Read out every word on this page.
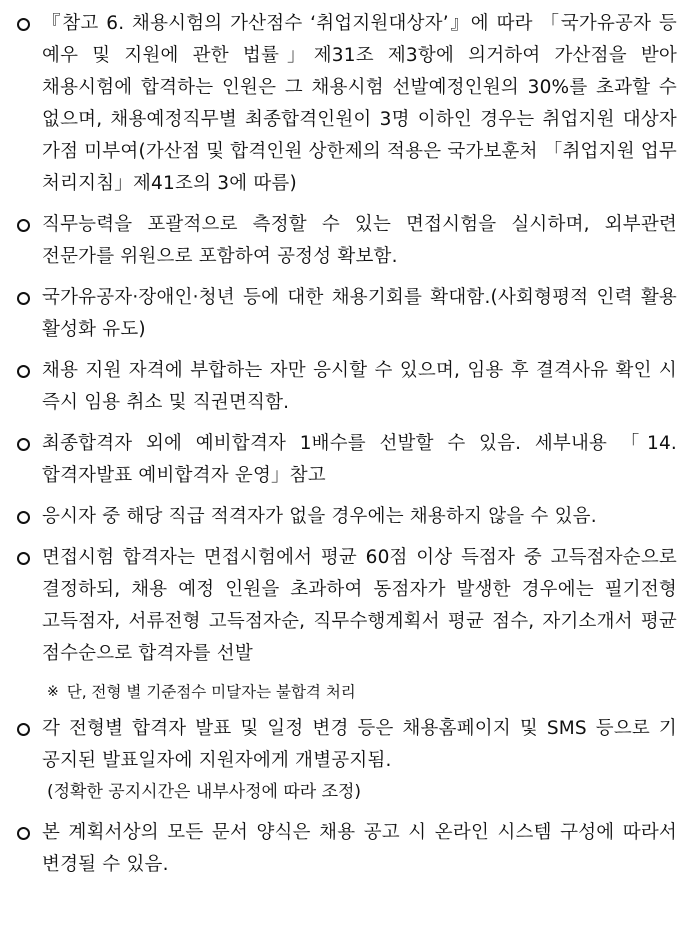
『참고 6. 채용시험의 가산점수 ‘취업지원대상자’』에 따라 「국가유공자 등 예우 및 지원에 관한 법률」제31조 제3항에 의거하여 가산점을 받아 채용시험에 합격하는 인원은 그 채용시험 선발예정인원의 30%를 초과할 수 없으며, 채용예정직무별 최종합격인원이 3명 이하인 경우는 취업지원 대상자 가점 미부여(가산점 및 합격인원 상한제의 적용은 국가보훈처 「취업지원 업무 처리지침」제41조의 3에 따름)
직무능력을 포괄적으로 측정할 수 있는 면접시험을 실시하며, 외부관련 전문가를 위원으로 포함하여 공정성 확보함.
국가유공자·장애인·청년 등에 대한 채용기회를 확대함.(사회형평적 인력 활용 활성화 유도)
채용 지원 자격에 부합하는 자만 응시할 수 있으며, 임용 후 결격사유 확인 시 즉시 임용 취소 및 직권면직함.
최종합격자 외에 예비합격자 1배수를 선발할 수 있음. 세부내용 「14. 합격자발표 예비합격자 운영」참고
응시자 중 해당 직급 적격자가 없을 경우에는 채용하지 않을 수 있음.
면접시험 합격자는 면접시험에서 평균 60점 이상 득점자 중 고득점자순으로 결정하되, 채용 예정 인원을 초과하여 동점자가 발생한 경우에는 필기전형 고득점자, 서류전형 고득점자순, 직무수행계획서 평균 점수, 자기소개서 평균 점수순으로 합격자를 선발
※ 단, 전형 별 기준점수 미달자는 불합격 처리
각 전형별 합격자 발표 및 일정 변경 등은 채용홈페이지 및 SMS 등으로 기 공지된 발표일자에 지원자에게 개별공지됨.
(정확한 공지시간은 내부사정에 따라 조정)
본 계획서상의 모든 문서 양식은 채용 공고 시 온라인 시스템 구성에 따라서 변경될 수 있음.
